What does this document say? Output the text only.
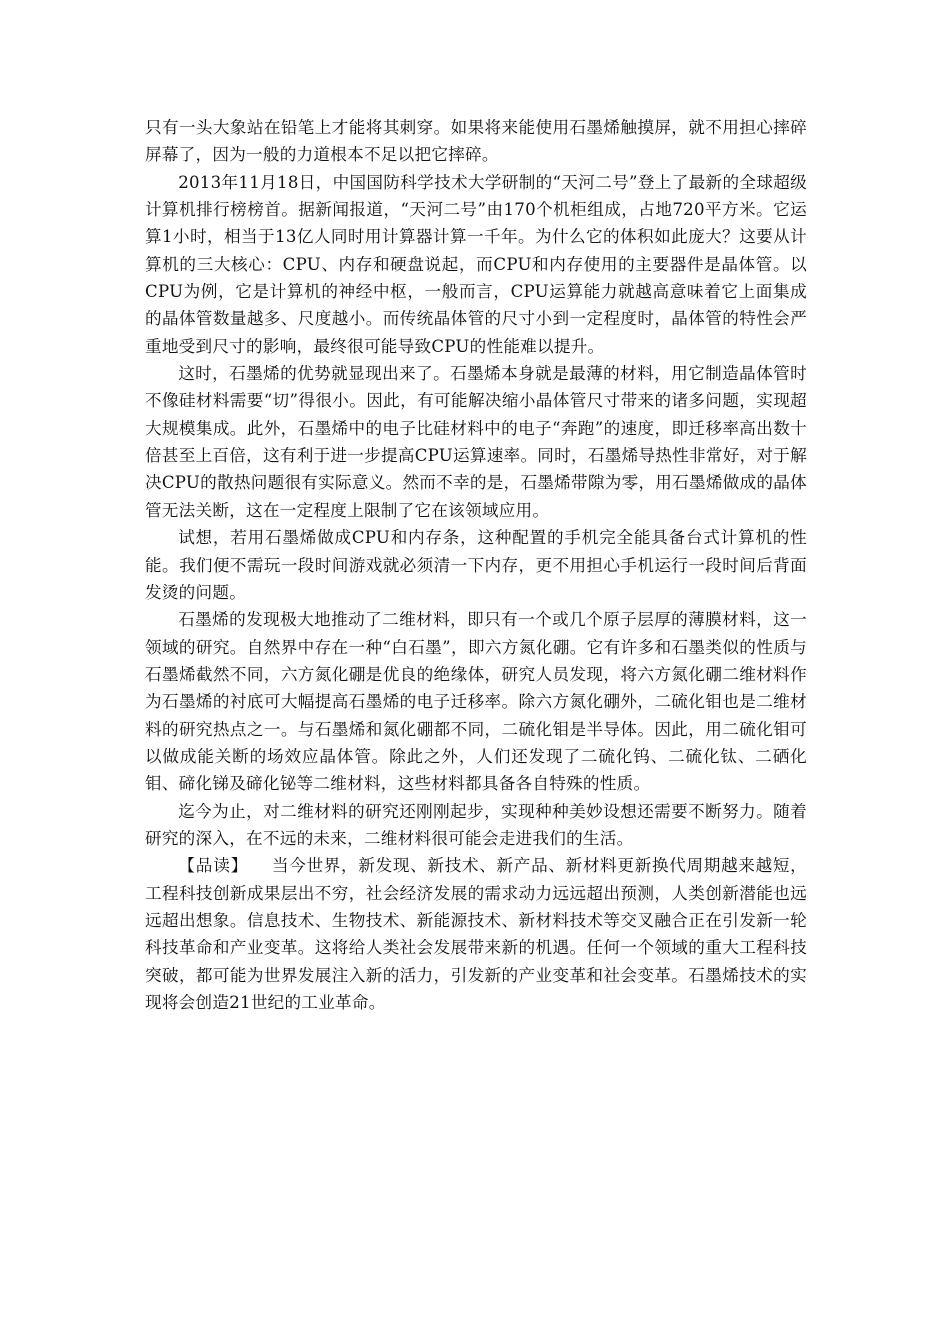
只有一头大象站在铅笔上才能将其刺穿。如果将来能使用石墨烯触摸屏，就不用担心摔碎屏幕了，因为一般的力道根本不足以把它摔碎。

2013年11月18日，中国国防科学技术大学研制的“天河二号”登上了最新的全球超级计算机排行榜榜首。据新闻报道，“天河二号”由170个机柜组成，占地720平方米。它运算1小时，相当于13亿人同时用计算器计算一千年。为什么它的体积如此庞大？这要从计算机的三大核心：CPU、内存和硬盘说起，而CPU和内存使用的主要器件是晶体管。以CPU为例，它是计算机的神经中枢，一般而言，CPU运算能力就越高意味着它上面集成的晶体管数量越多、尺度越小。而传统晶体管的尺寸小到一定程度时，晶体管的特性会严重地受到尺寸的影响，最终很可能导致CPU的性能难以提升。

这时，石墨烯的优势就显现出来了。石墨烯本身就是最薄的材料，用它制造晶体管时不像硅材料需要“切”得很小。因此，有可能解决缩小晶体管尺寸带来的诸多问题，实现超大规模集成。此外，石墨烯中的电子比硅材料中的电子“奔跑”的速度，即迁移率高出数十倍甚至上百倍，这有利于进一步提高CPU运算速率。同时，石墨烯导热性非常好，对于解决CPU的散热问题很有实际意义。然而不幸的是，石墨烯带隙为零，用石墨烯做成的晶体管无法关断，这在一定程度上限制了它在该领域应用。

试想，若用石墨烯做成CPU和内存条，这种配置的手机完全能具备台式计算机的性能。我们便不需玩一段时间游戏就必须清一下内存，更不用担心手机运行一段时间后背面发烫的问题。

石墨烯的发现极大地推动了二维材料，即只有一个或几个原子层厚的薄膜材料，这一领域的研究。自然界中存在一种“白石墨”，即六方氮化硼。它有许多和石墨类似的性质与石墨烯截然不同，六方氮化硼是优良的绝缘体，研究人员发现，将六方氮化硼二维材料作为石墨烯的衬底可大幅提高石墨烯的电子迁移率。除六方氮化硼外，二硫化钼也是二维材料的研究热点之一。与石墨烯和氮化硼都不同，二硫化钼是半导体。因此，用二硫化钼可以做成能关断的场效应晶体管。除此之外，人们还发现了二硫化钨、二硫化钛、二硒化钼、碲化锑及碲化铋等二维材料，这些材料都具备各自特殊的性质。

迄今为止，对二维材料的研究还刚刚起步，实现种种美妙设想还需要不断努力。随着研究的深入，在不远的未来，二维材料很可能会走进我们的生活。

【品读】 当今世界，新发现、新技术、新产品、新材料更新换代周期越来越短，工程科技创新成果层出不穷，社会经济发展的需求动力远远超出预测，人类创新潜能也远远超出想象。信息技术、生物技术、新能源技术、新材料技术等交叉融合正在引发新一轮科技革命和产业变革。这将给人类社会发展带来新的机遇。任何一个领域的重大工程科技突破，都可能为世界发展注入新的活力，引发新的产业变革和社会变革。石墨烯技术的实现将会创造21世纪的工业革命。
